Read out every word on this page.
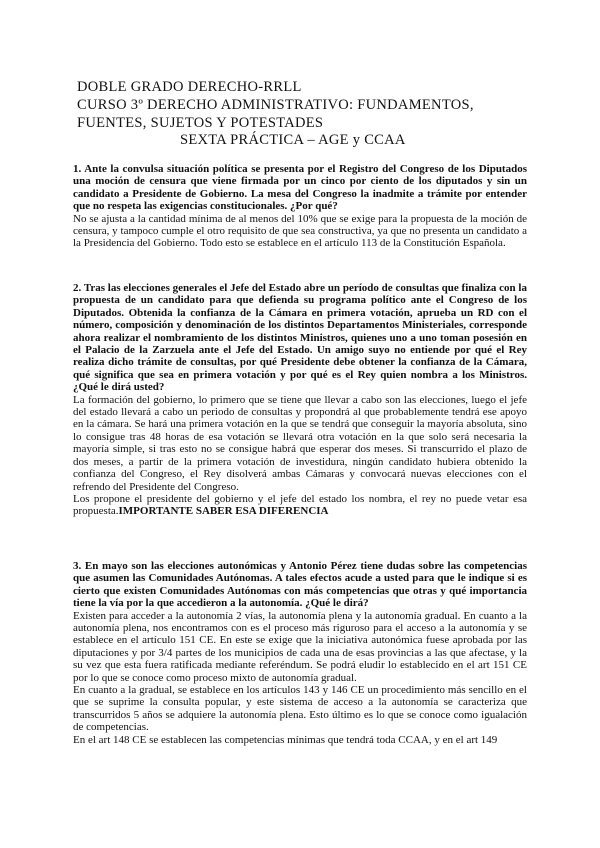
DOBLE GRADO DERECHO-RRLL
CURSO 3º DERECHO ADMINISTRATIVO: FUNDAMENTOS, FUENTES, SUJETOS Y POTESTADES
SEXTA PRÁCTICA – AGE y CCAA
1. Ante la convulsa situación política se presenta por el Registro del Congreso de los Diputados una moción de censura que viene firmada por un cinco por ciento de los diputados y sin un candidato a Presidente de Gobierno. La mesa del Congreso la inadmite a trámite por entender que no respeta las exigencias constitucionales. ¿Por qué?
No se ajusta a la cantidad mínima de al menos del 10% que se exige para la propuesta de la moción de censura, y tampoco cumple el otro requisito de que sea constructiva, ya que no presenta un candidato a la Presidencia del Gobierno. Todo esto se establece en el artículo 113 de la Constitución Española.
2. Tras las elecciones generales el Jefe del Estado abre un período de consultas que finaliza con la propuesta de un candidato para que defienda su programa político ante el Congreso de los Diputados. Obtenida la confianza de la Cámara en primera votación, aprueba un RD con el número, composición y denominación de los distintos Departamentos Ministeriales, corresponde ahora realizar el nombramiento de los distintos Ministros, quienes uno a uno toman posesión en el Palacio de la Zarzuela ante el Jefe del Estado. Un amigo suyo no entiende por qué el Rey realiza dicho trámite de consultas, por qué Presidente debe obtener la confianza de la Cámara, qué significa que sea en primera votación y por qué es el Rey quien nombra a los Ministros. ¿Qué le dirá usted?
La formación del gobierno, lo primero que se tiene que llevar a cabo son las elecciones, luego el jefe del estado llevará a cabo un periodo de consultas y propondrá al que probablemente tendrá ese apoyo en la cámara. Se hará una primera votación en la que se tendrá que conseguir la mayoría absoluta, sino lo consigue tras 48 horas de esa votación se llevará otra votación en la que solo será necesaria la mayoría simple, si tras esto no se consigue habrá que esperar dos meses. Si transcurrido el plazo de dos meses, a partir de la primera votación de investidura, ningún candidato hubiera obtenido la confianza del Congreso, el Rey disolverá ambas Cámaras y convocará nuevas elecciones con el refrendo del Presidente del Congreso.
Los propone el presidente del gobierno y el jefe del estado los nombra, el rey no puede vetar esa propuesta.IMPORTANTE SABER ESA DIFERENCIA
3. En mayo son las elecciones autonómicas y Antonio Pérez tiene dudas sobre las competencias que asumen las Comunidades Autónomas. A tales efectos acude a usted para que le indique si es cierto que existen Comunidades Autónomas con más competencias que otras y qué importancia tiene la vía por la que accedieron a la autonomía. ¿Qué le dirá?
Existen para acceder a la autonomía 2 vías, la autonomía plena y la autonomía gradual. En cuanto a la autonomía plena, nos encontramos con es el proceso más riguroso para el acceso a la autonomía y se establece en el artículo 151 CE. En este se exige que la iniciativa autonómica fuese aprobada por las diputaciones y por 3/4 partes de los municipios de cada una de esas provincias a las que afectase, y la su vez que esta fuera ratificada mediante referéndum. Se podrá eludir lo establecido en el art 151 CE por lo que se conoce como proceso mixto de autonomía gradual.
En cuanto a la gradual, se establece en los artículos 143 y 146 CE un procedimiento más sencillo en el que se suprime la consulta popular, y este sistema de acceso a la autonomía se caracteriza que transcurridos 5 años se adquiere la autonomía plena. Esto último es lo que se conoce como igualación de competencias.
En el art 148 CE se establecen las competencias mínimas que tendrá toda CCAA, y en el art 149
